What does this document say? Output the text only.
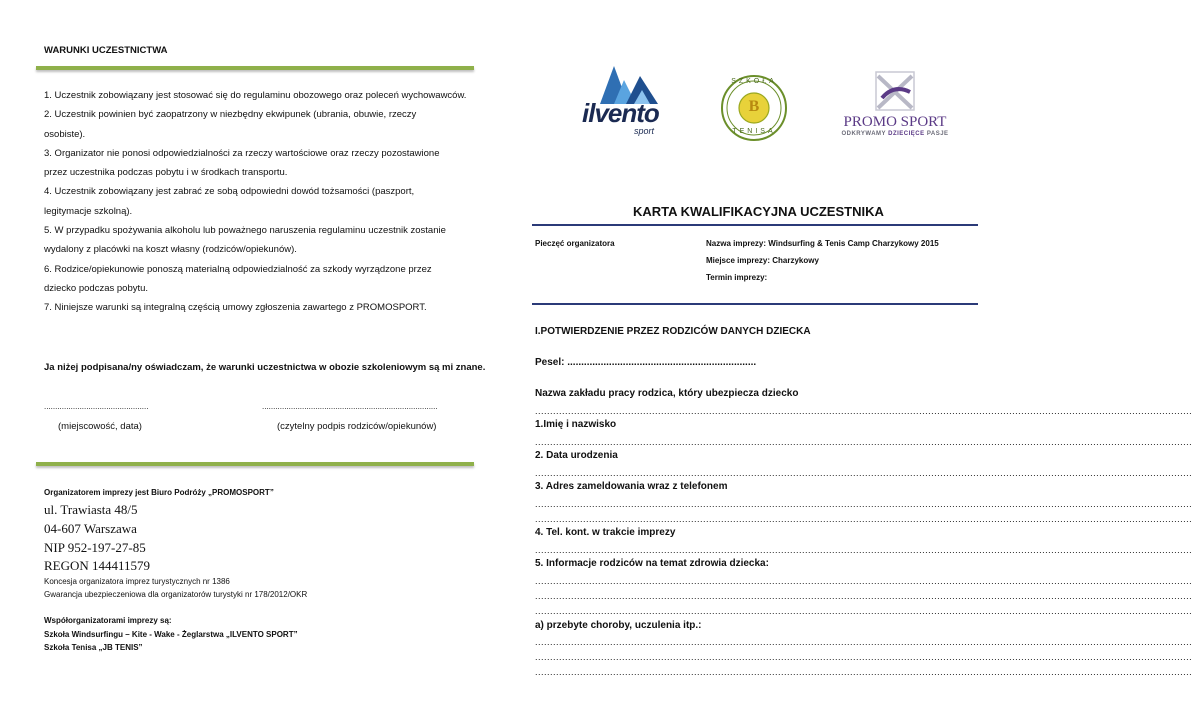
WARUNKI UCZESTNICTWA
1. Uczestnik zobowiązany jest stosować się do regulaminu obozowego oraz poleceń wychowawców.
2. Uczestnik powinien być zaopatrzony w niezbędny ekwipunek (ubrania, obuwie, rzeczy
osobiste).
3. Organizator nie ponosi odpowiedzialności za rzeczy wartościowe oraz rzeczy pozostawione
przez uczestnika podczas pobytu i w środkach transportu.
4. Uczestnik zobowiązany jest zabrać ze sobą odpowiedni dowód tożsamości (paszport,
legitymacje szkolną).
5. W przypadku spożywania alkoholu lub poważnego naruszenia regulaminu uczestnik zostanie
wydalony z placówki na koszt własny (rodziców/opiekunów).
6. Rodzice/opiekunowie ponoszą materialną odpowiedzialność za szkody wyrządzone przez
dziecko podczas pobytu.
7. Niniejsze warunki są integralną częścią umowy zgłoszenia zawartego z PROMOSPORT.
Ja niżej podpisana/ny oświadczam, że warunki uczestnictwa w obozie szkoleniowym są mi znane.
...............................................	...............................................................................
(miejscowość, data)	(czytelny podpis rodziców/opiekunów)
Organizatorem imprezy jest Biuro Podróży „PROMOSPORT”
ul. Trawiasta 48/5
04-607 Warszawa
NIP 952-197-27-85
REGON 144411579
Koncesja organizatora imprez turystycznych nr 1386
Gwarancja ubezpieczeniowa dla organizatorów turystyki nr 178/2012/OKR
Współorganizatorami imprezy są:
Szkoła Windsurfingu – Kite - Wake - Żeglarstwa „ILVENTO SPORT”
Szkoła Tenisa „JB TENIS”
ilvento
sport
SZKOŁA
TENISA
B
PROMO SPORT
ODKRYWAMY DZIECIĘCE PASJE
KARTA KWALIFIKACYJNA UCZESTNIKA
Pieczęć organizatora	Nazwa imprezy: Windsurfing & Tenis Camp Charzykowy 2015
Miejsce imprezy: Charzykowy
Termin imprezy:
I.POTWIERDZENIE PRZEZ RODZICÓW DANYCH DZIECKA
Pesel: ....................................................................
Nazwa zakładu pracy rodzica, który ubezpiecza dziecko
...........................................................................................................................................................................................................................
1.Imię i nazwisko
...........................................................................................................................................................................................................................
2. Data urodzenia
...........................................................................................................................................................................................................................
3. Adres zameldowania wraz z telefonem
...........................................................................................................................................................................................................................
...........................................................................................................................................................................................................................
4. Tel. kont. w trakcie imprezy
...........................................................................................................................................................................................................................
5. Informacje rodziców na temat zdrowia dziecka:
...........................................................................................................................................................................................................................
...........................................................................................................................................................................................................................
...........................................................................................................................................................................................................................
a) przebyte choroby, uczulenia itp.:
...........................................................................................................................................................................................................................
...........................................................................................................................................................................................................................
...........................................................................................................................................................................................................................
